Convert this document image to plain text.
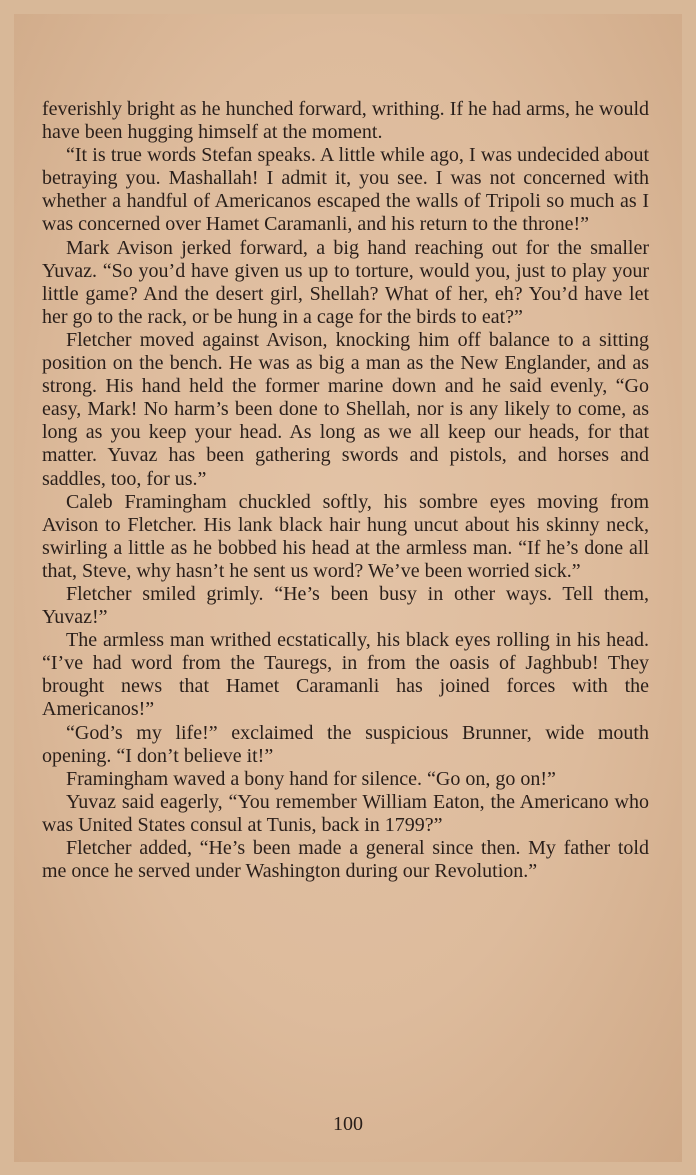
feverishly bright as he hunched forward, writhing. If he had arms, he would have been hugging himself at the moment.

“It is true words Stefan speaks. A little while ago, I was undecided about betraying you. Mashallah! I admit it, you see. I was not concerned with whether a handful of Americanos escaped the walls of Tripoli so much as I was concerned over Hamet Caramanli, and his return to the throne!”

Mark Avison jerked forward, a big hand reaching out for the smaller Yuvaz. “So you’d have given us up to torture, would you, just to play your little game? And the desert girl, Shellah? What of her, eh? You’d have let her go to the rack, or be hung in a cage for the birds to eat?”

Fletcher moved against Avison, knocking him off balance to a sitting position on the bench. He was as big a man as the New Englander, and as strong. His hand held the former marine down and he said evenly, “Go easy, Mark! No harm’s been done to Shellah, nor is any likely to come, as long as you keep your head. As long as we all keep our heads, for that matter. Yuvaz has been gathering swords and pistols, and horses and saddles, too, for us.”

Caleb Framingham chuckled softly, his sombre eyes moving from Avison to Fletcher. His lank black hair hung uncut about his skinny neck, swirling a little as he bobbed his head at the armless man. “If he’s done all that, Steve, why hasn’t he sent us word? We’ve been worried sick.”

Fletcher smiled grimly. “He’s been busy in other ways. Tell them, Yuvaz!”

The armless man writhed ecstatically, his black eyes rolling in his head. “I’ve had word from the Tauregs, in from the oasis of Jaghbub! They brought news that Hamet Caramanli has joined forces with the Americanos!”

“God’s my life!” exclaimed the suspicious Brunner, wide mouth opening. “I don’t believe it!”

Framingham waved a bony hand for silence. “Go on, go on!”

Yuvaz said eagerly, “You remember William Eaton, the Americano who was United States consul at Tunis, back in 1799?”

Fletcher added, “He’s been made a general since then. My father told me once he served under Washington during our Revolution.”

100
